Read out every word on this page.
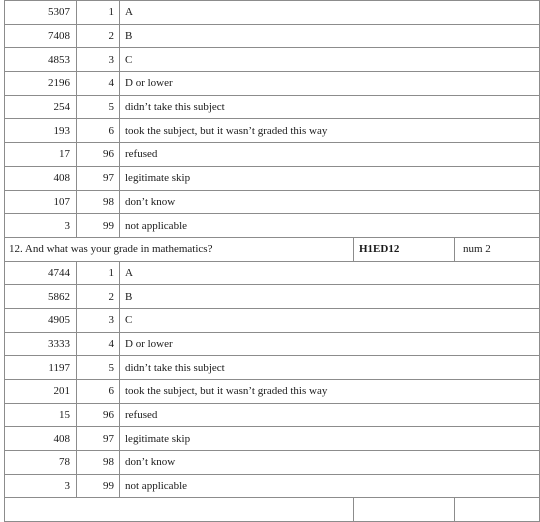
5307	1	A		
7408	2	B		
4853	3	C		
2196	4	D or lower		
254	5	didn’t take this subject		
193	6	took the subject, but it wasn’t graded this way		
17	96	refused		
408	97	legitimate skip		
107	98	don’t know		
3	99	not applicable		
12. And what was your grade in mathematics?			H1ED12	num 2
4744	1	A		
5862	2	B		
4905	3	C		
3333	4	D or lower		
1197	5	didn’t take this subject		
201	6	took the subject, but it wasn’t graded this way		
15	96	refused		
408	97	legitimate skip		
78	98	don’t know		
3	99	not applicable		
